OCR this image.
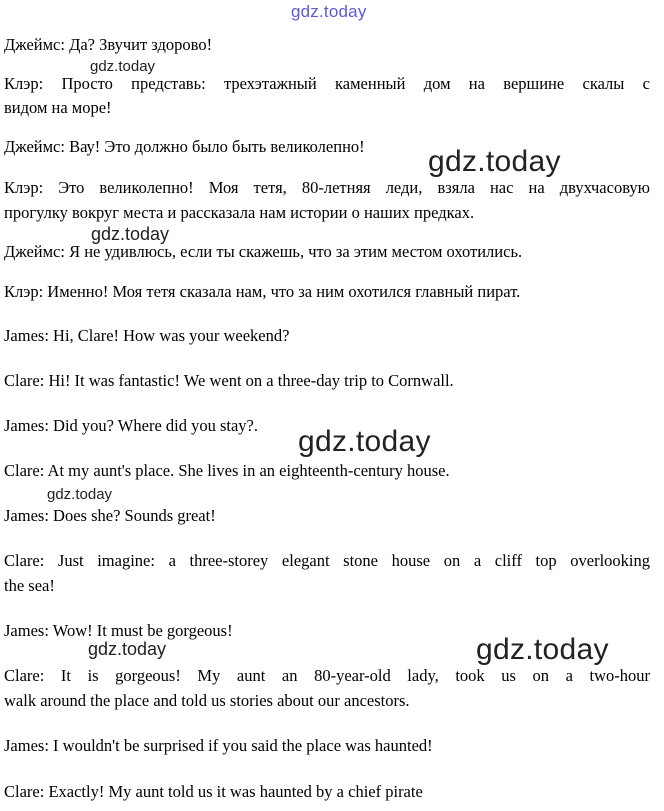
gdz.today
gdz.today
gdz.today
gdz.today
gdz.today
gdz.today
gdz.today	gdz.today

Джеймс: Да? Звучит здорово!

Клэр: Просто представь: трехэтажный каменный дом на вершине скалы с

видом на море!

Джеймс: Вау! Это должно было быть великолепно!

Клэр: Это великолепно! Моя тетя, 80-летняя леди, взяла нас на двухчасовую

прогулку вокруг места и рассказала нам истории о наших предках.

Джеймс: Я не удивлюсь, если ты скажешь, что за этим местом охотились.

Клэр: Именно! Моя тетя сказала нам, что за ним охотился главный пират.

James: Hi, Clare! How was your weekend?

Clare: Hi! It was fantastic! We went on a three-day trip to Cornwall.

James: Did you? Where did you stay?.

Clare: At my aunt's place. She lives in an eighteenth-century house.

James: Does she? Sounds great!

Clare: Just imagine: a three-storey elegant stone house on a cliff top overlooking

the sea!

James: Wow! It must be gorgeous!

Clare: It is gorgeous! My aunt an 80-year-old lady, took us on a two-hour

walk around the place and told us stories about our ancestors.

James: I wouldn't be surprised if you said the place was haunted!

Clare: Exactly! My aunt told us it was haunted by a chief pirate
